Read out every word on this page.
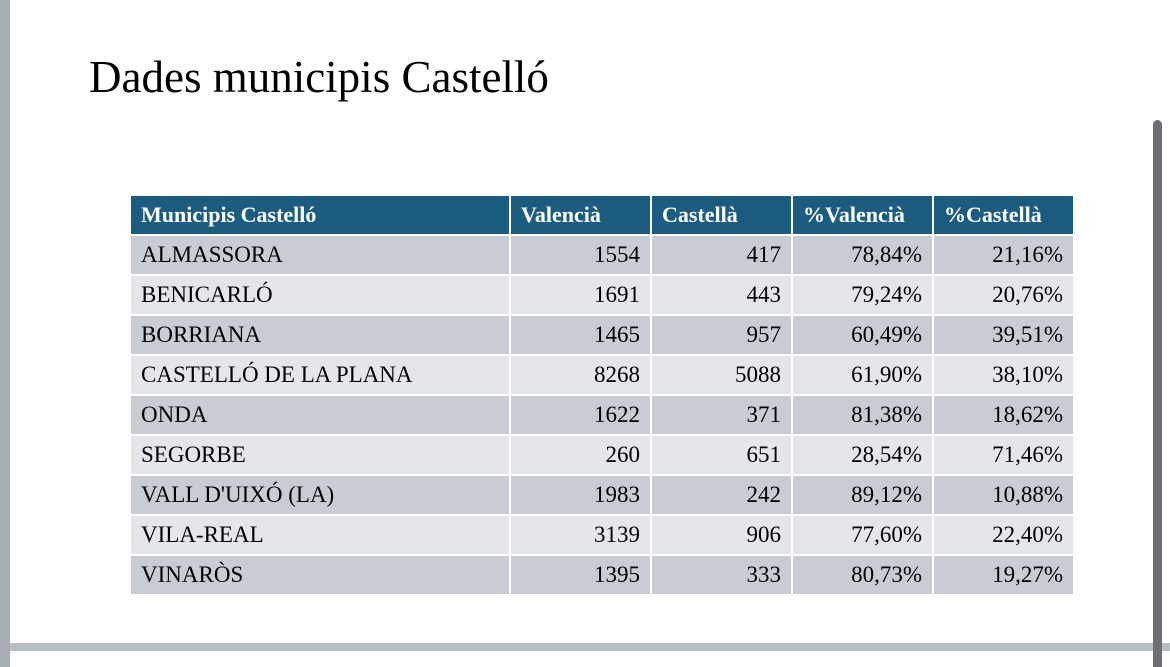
Dades municipis Castelló
Municipis Castelló	Valencià	Castellà	%Valencià	%Castellà
ALMASSORA	1554	417	78,84%	21,16%
BENICARLÓ	1691	443	79,24%	20,76%
BORRIANA	1465	957	60,49%	39,51%
CASTELLÓ DE LA PLANA	8268	5088	61,90%	38,10%
ONDA	1622	371	81,38%	18,62%
SEGORBE	260	651	28,54%	71,46%
VALL D'UIXÓ (LA)	1983	242	89,12%	10,88%
VILA-REAL	3139	906	77,60%	22,40%
VINARÒS	1395	333	80,73%	19,27%
